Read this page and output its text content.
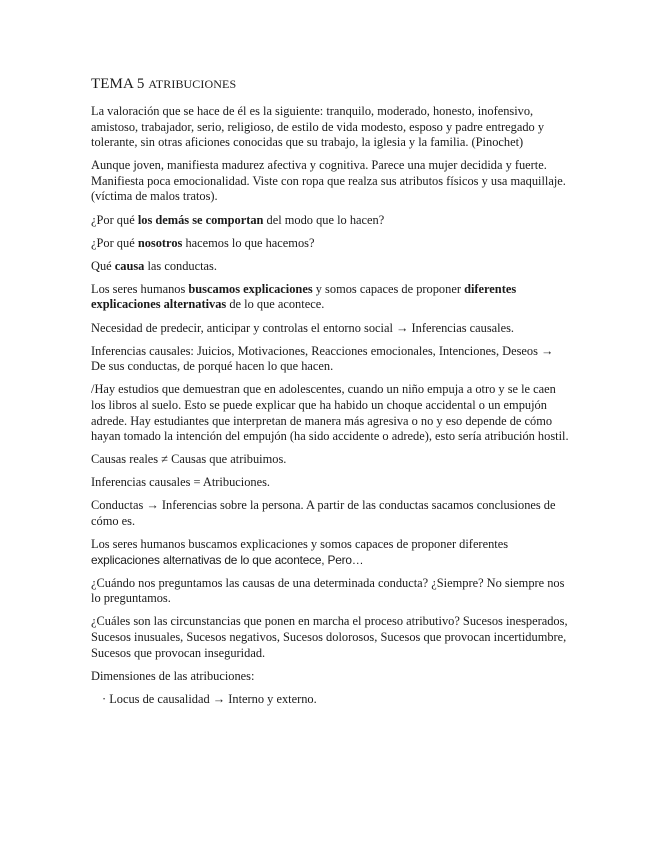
TEMA 5 ATRIBUCIONES

La valoración que se hace de él es la siguiente: tranquilo, moderado, honesto, inofensivo, amistoso, trabajador, serio, religioso, de estilo de vida modesto, esposo y padre entregado y tolerante, sin otras aficiones conocidas que su trabajo, la iglesia y la familia. (Pinochet)

Aunque joven, manifiesta madurez afectiva y cognitiva. Parece una mujer decidida y fuerte. Manifiesta poca emocionalidad. Viste con ropa que realza sus atributos físicos y usa maquillaje. (víctima de malos tratos).

¿Por qué los demás se comportan del modo que lo hacen?

¿Por qué nosotros hacemos lo que hacemos?

Qué causa las conductas.

Los seres humanos buscamos explicaciones y somos capaces de proponer diferentes explicaciones alternativas de lo que acontece.

Necesidad de predecir, anticipar y controlas el entorno social → Inferencias causales.

Inferencias causales: Juicios, Motivaciones, Reacciones emocionales, Intenciones, Deseos → De sus conductas, de porqué hacen lo que hacen.

/Hay estudios que demuestran que en adolescentes, cuando un niño empuja a otro y se le caen los libros al suelo. Esto se puede explicar que ha habido un choque accidental o un empujón adrede. Hay estudiantes que interpretan de manera más agresiva o no y eso depende de cómo hayan tomado la intención del empujón (ha sido accidente o adrede), esto sería atribución hostil.

Causas reales ≠ Causas que atribuimos.

Inferencias causales = Atribuciones.

Conductas → Inferencias sobre la persona. A partir de las conductas sacamos conclusiones de cómo es.

Los seres humanos buscamos explicaciones y somos capaces de proponer diferentes
explicaciones alternativas de lo que acontece, Pero…

¿Cuándo nos preguntamos las causas de una determinada conducta? ¿Siempre? No siempre nos lo preguntamos.

¿Cuáles son las circunstancias que ponen en marcha el proceso atributivo? Sucesos inesperados, Sucesos inusuales, Sucesos negativos, Sucesos dolorosos, Sucesos que provocan incertidumbre, Sucesos que provocan inseguridad.

Dimensiones de las atribuciones:

· Locus de causalidad → Interno y externo.
